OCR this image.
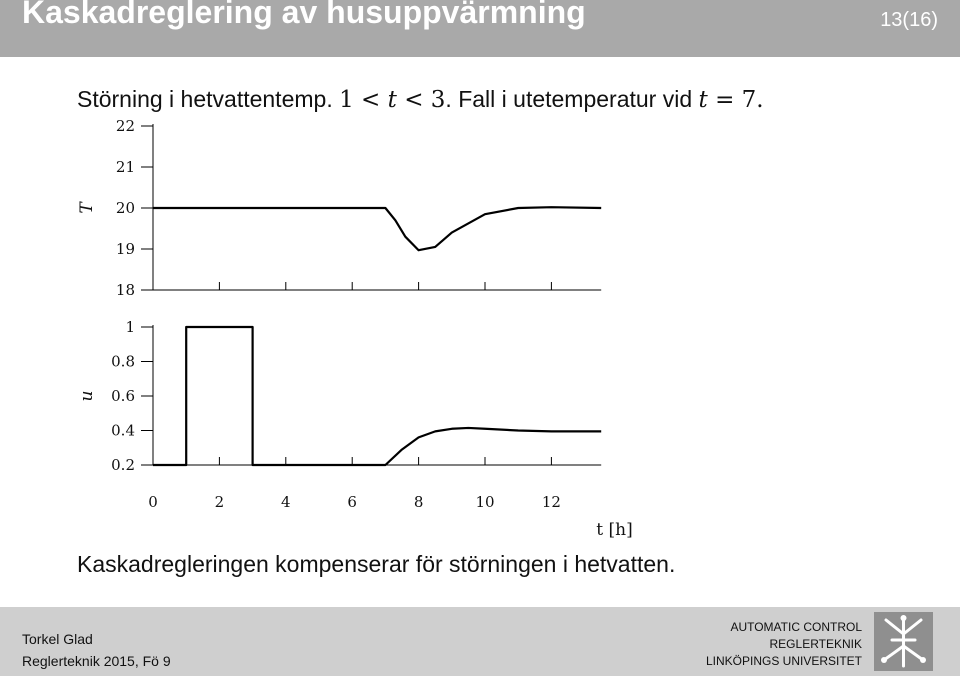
Kaskadreglering av husuppvärmning	13(16)
Störning i hetvattentemp. 1 < t < 3. Fall i utetemperatur vid t = 7.
18
19
20
21
22
T
0.2
0.4
0.6
0.8
1
u
0	2	4	6	8	10	12
t [h]
Kaskadregleringen kompenserar för störningen i hetvatten.
Torkel Glad
Reglerteknik 2015, Fö 9
AUTOMATIC CONTROL
REGLERTEKNIK
LINKÖPINGS UNIVERSITET
